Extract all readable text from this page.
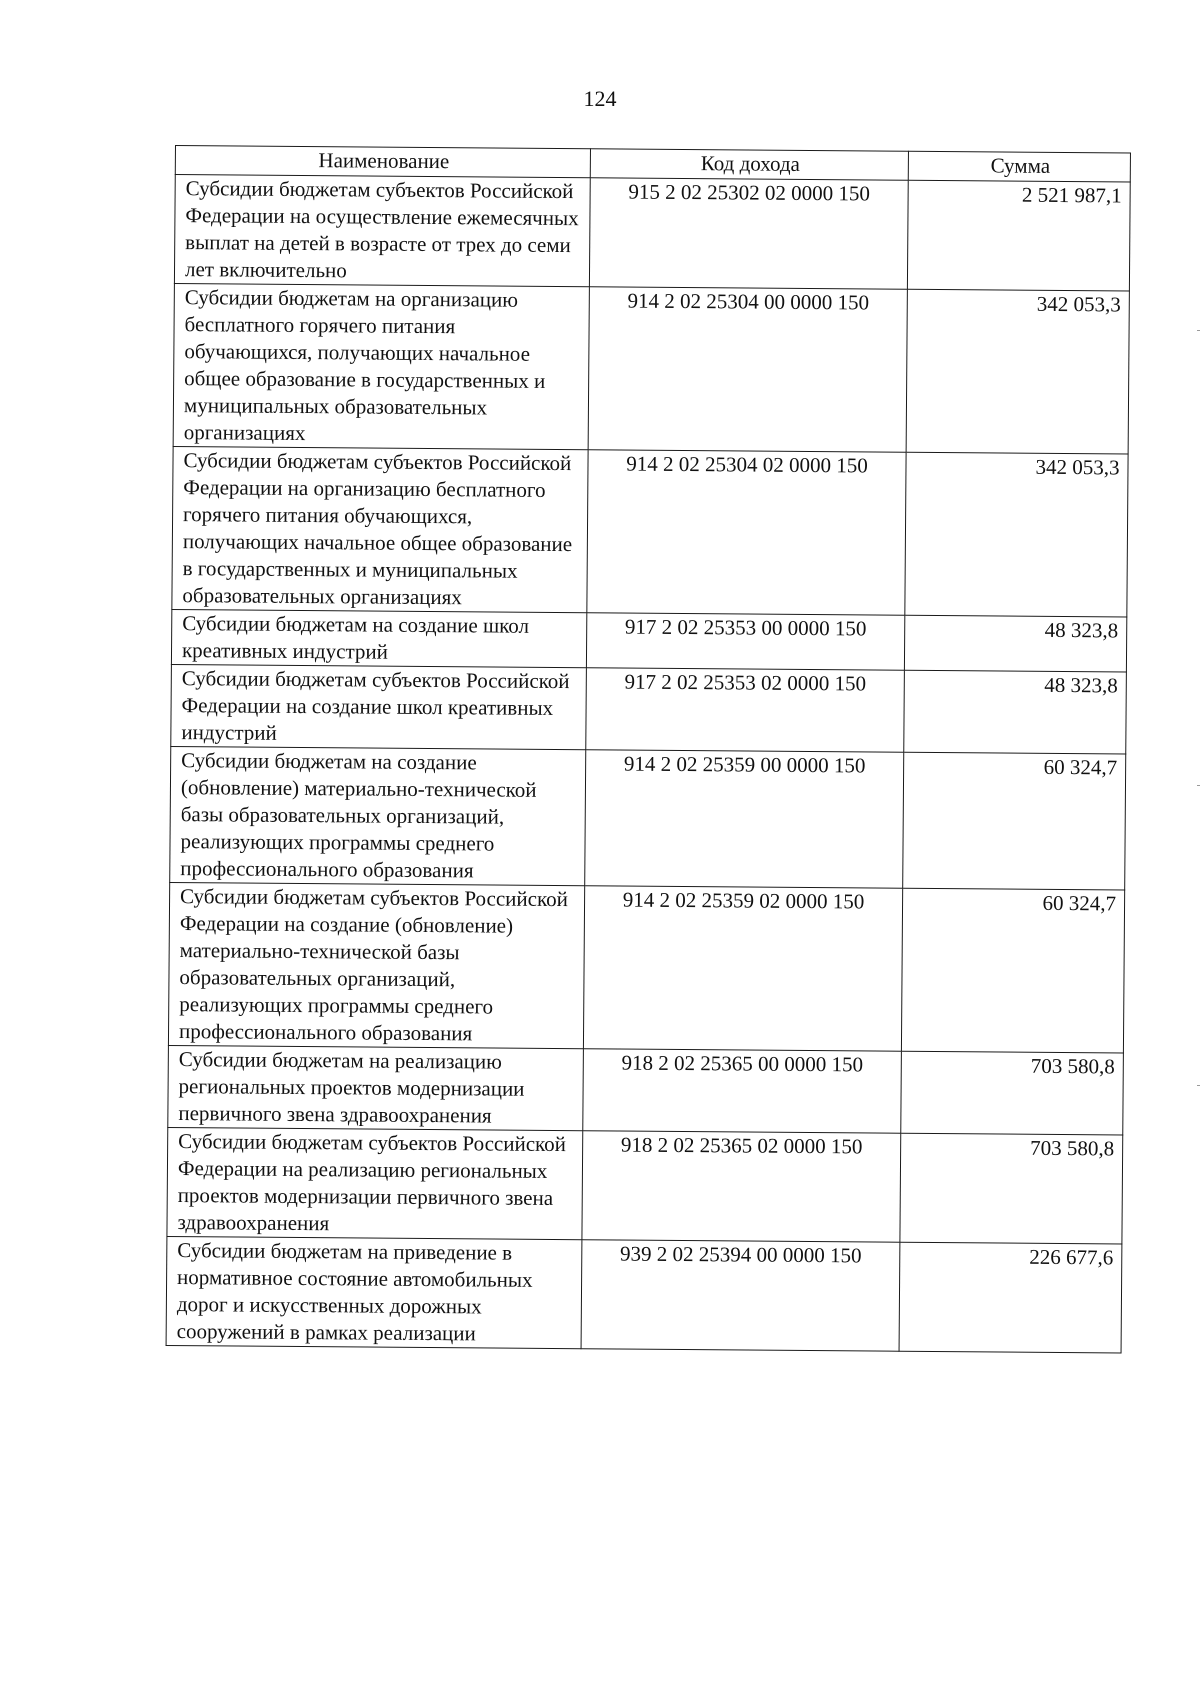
124
Наименование	Код дохода	Сумма
Субсидии бюджетам субъектов Российской Федерации на осуществление ежемесячных выплат на детей в возрасте от трех до семи лет включительно	915 2 02 25302 02 0000 150	2 521 987,1
Субсидии бюджетам на организацию бесплатного горячего питания обучающихся, получающих начальное общее образование в государственных и муниципальных образовательных организациях	914 2 02 25304 00 0000 150	342 053,3
Субсидии бюджетам субъектов Российской Федерации на организацию бесплатного горячего питания обучающихся, получающих начальное общее образование в государственных и муниципальных образовательных организациях	914 2 02 25304 02 0000 150	342 053,3
Субсидии бюджетам на создание школ креативных индустрий	917 2 02 25353 00 0000 150	48 323,8
Субсидии бюджетам субъектов Российской Федерации на создание школ креативных индустрий	917 2 02 25353 02 0000 150	48 323,8
Субсидии бюджетам на создание (обновление) материально-технической базы образовательных организаций, реализующих программы среднего профессионального образования	914 2 02 25359 00 0000 150	60 324,7
Субсидии бюджетам субъектов Российской Федерации на создание (обновление) материально-технической базы образовательных организаций, реализующих программы среднего профессионального образования	914 2 02 25359 02 0000 150	60 324,7
Субсидии бюджетам на реализацию региональных проектов модернизации первичного звена здравоохранения	918 2 02 25365 00 0000 150	703 580,8
Субсидии бюджетам субъектов Российской Федерации на реализацию региональных проектов модернизации первичного звена здравоохранения	918 2 02 25365 02 0000 150	703 580,8
Субсидии бюджетам на приведение в нормативное состояние автомобильных дорог и искусственных дорожных сооружений в рамках реализации	939 2 02 25394 00 0000 150	226 677,6
